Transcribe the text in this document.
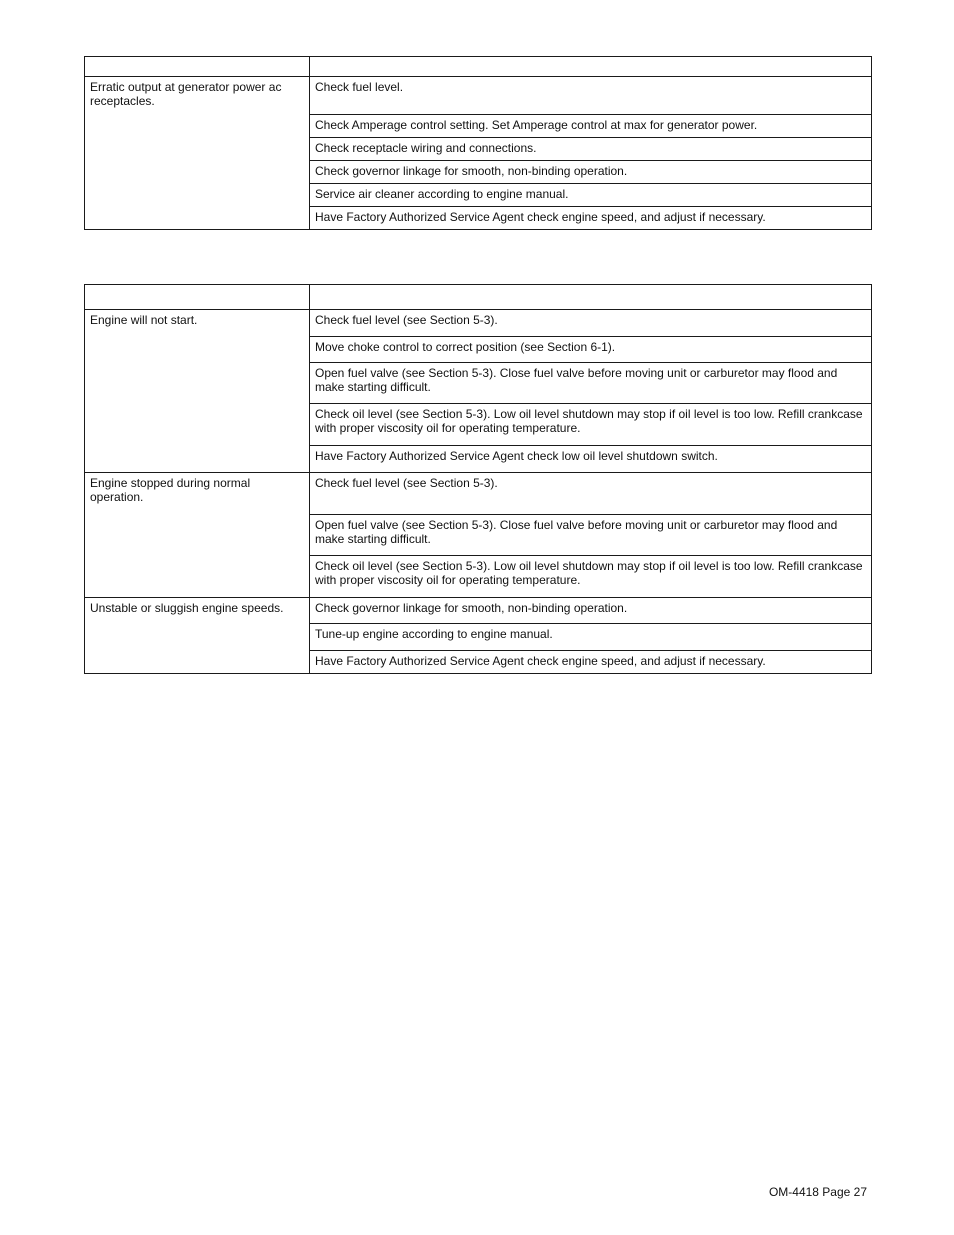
Erratic output at generator power ac receptacles.	Check fuel level.
	Check Amperage control setting. Set Amperage control at max for generator power.
	Check receptacle wiring and connections.
	Check governor linkage for smooth, non-binding operation.
	Service air cleaner according to engine manual.
	Have Factory Authorized Service Agent check engine speed, and adjust if necessary.

Engine will not start.	Check fuel level (see Section 5-3).
	Move choke control to correct position (see Section 6-1).
	Open fuel valve (see Section 5-3). Close fuel valve before moving unit or carburetor may flood and make starting difficult.
	Check oil level (see Section 5-3). Low oil level shutdown may stop if oil level is too low. Refill crankcase with proper viscosity oil for operating temperature.
	Have Factory Authorized Service Agent check low oil level shutdown switch.
Engine stopped during normal operation.	Check fuel level (see Section 5-3).
	Open fuel valve (see Section 5-3). Close fuel valve before moving unit or carburetor may flood and make starting difficult.
	Check oil level (see Section 5-3). Low oil level shutdown may stop if oil level is too low. Refill crankcase with proper viscosity oil for operating temperature.
Unstable or sluggish engine speeds.	Check governor linkage for smooth, non-binding operation.
	Tune-up engine according to engine manual.
	Have Factory Authorized Service Agent check engine speed, and adjust if necessary.
OM-4418 Page 27
